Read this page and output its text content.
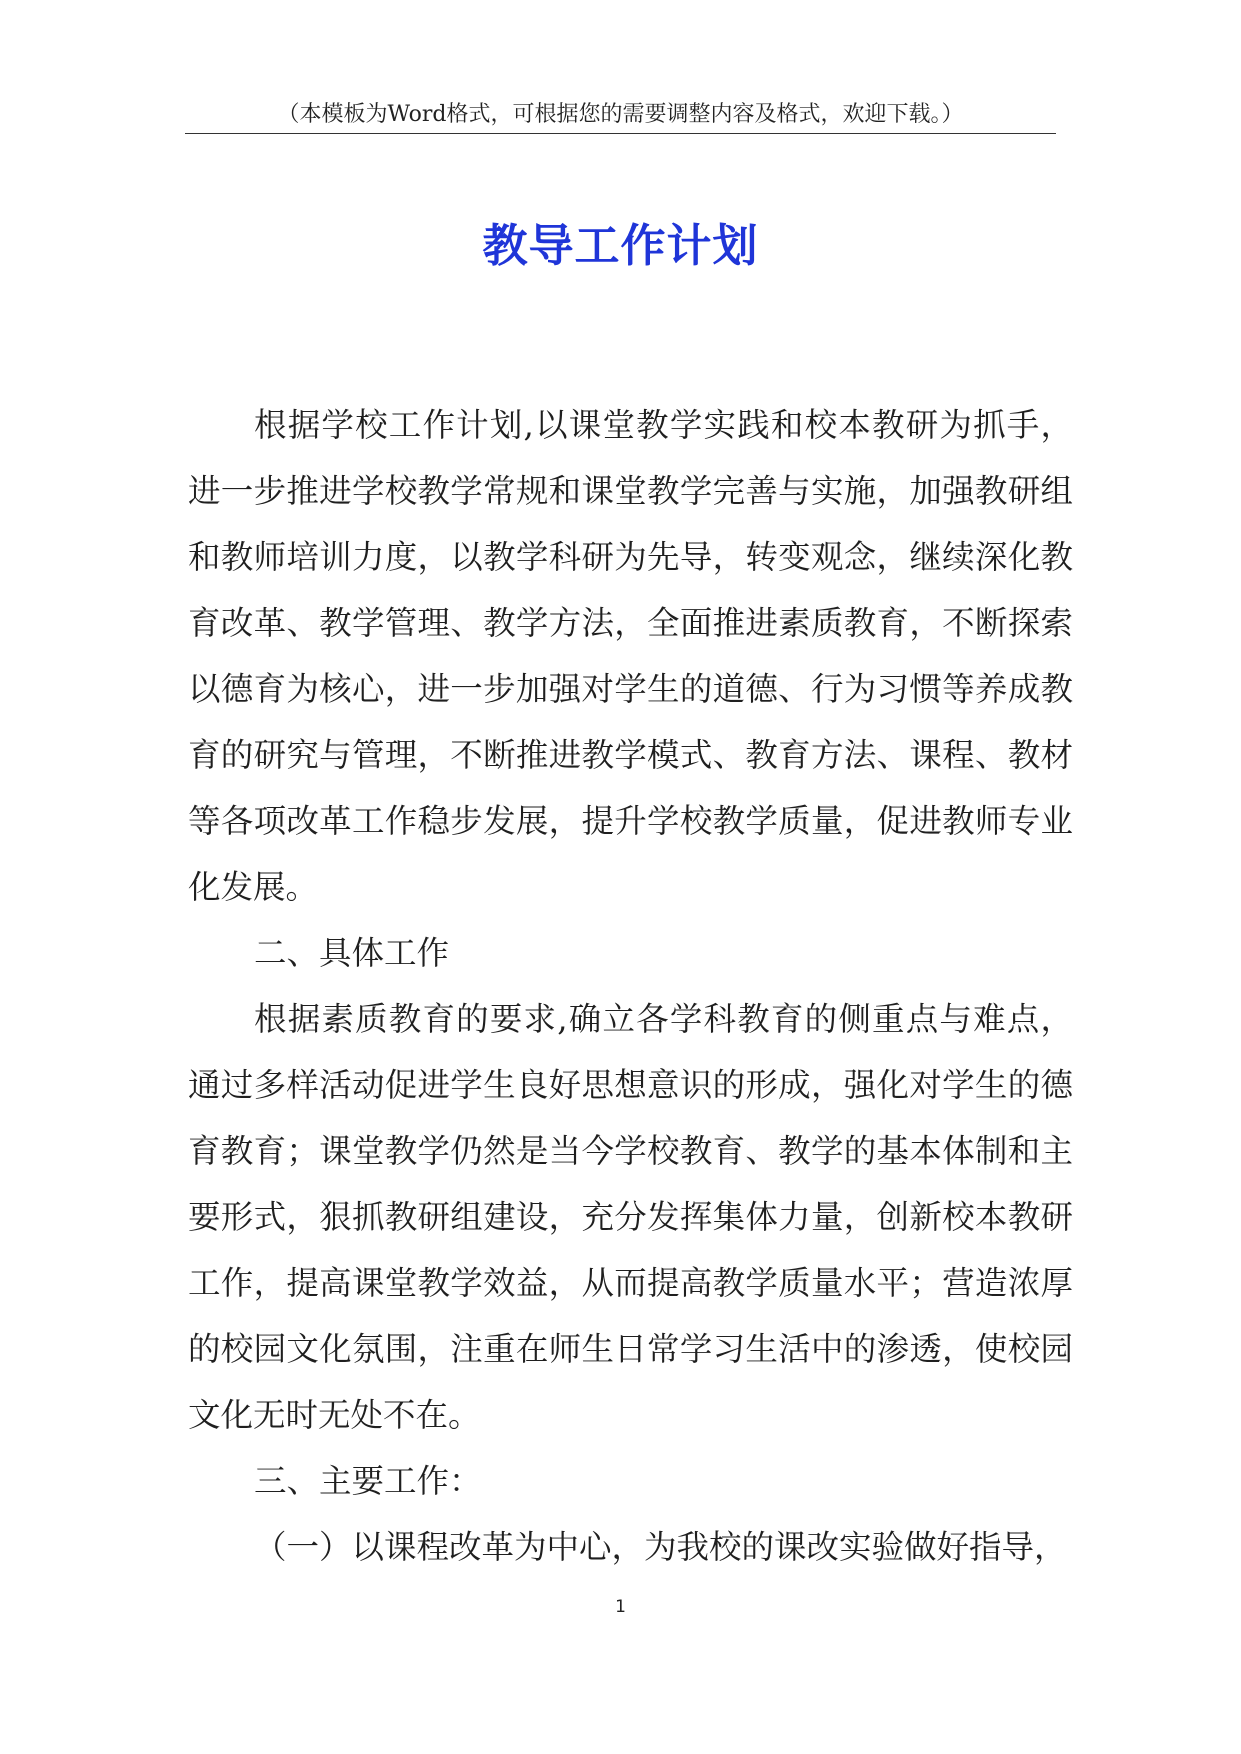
（本模板为Word格式，可根据您的需要调整内容及格式，欢迎下载。）
教导工作计划

根据学校工作计划,以课堂教学实践和校本教研为抓手，进一步推进学校教学常规和课堂教学完善与实施，加强教研组和教师培训力度，以教学科研为先导，转变观念，继续深化教育改革、教学管理、教学方法，全面推进素质教育，不断探索以德育为核心，进一步加强对学生的道德、行为习惯等养成教育的研究与管理，不断推进教学模式、教育方法、课程、教材等各项改革工作稳步发展，提升学校教学质量，促进教师专业化发展。

二、具体工作

根据素质教育的要求,确立各学科教育的侧重点与难点，通过多样活动促进学生良好思想意识的形成，强化对学生的德育教育；课堂教学仍然是当今学校教育、教学的基本体制和主要形式，狠抓教研组建设，充分发挥集体力量，创新校本教研工作，提高课堂教学效益，从而提高教学质量水平；营造浓厚的校园文化氛围，注重在师生日常学习生活中的渗透，使校园文化无时无处不在。

三、主要工作：

（一）以课程改革为中心，为我校的课改实验做好指导，

1
